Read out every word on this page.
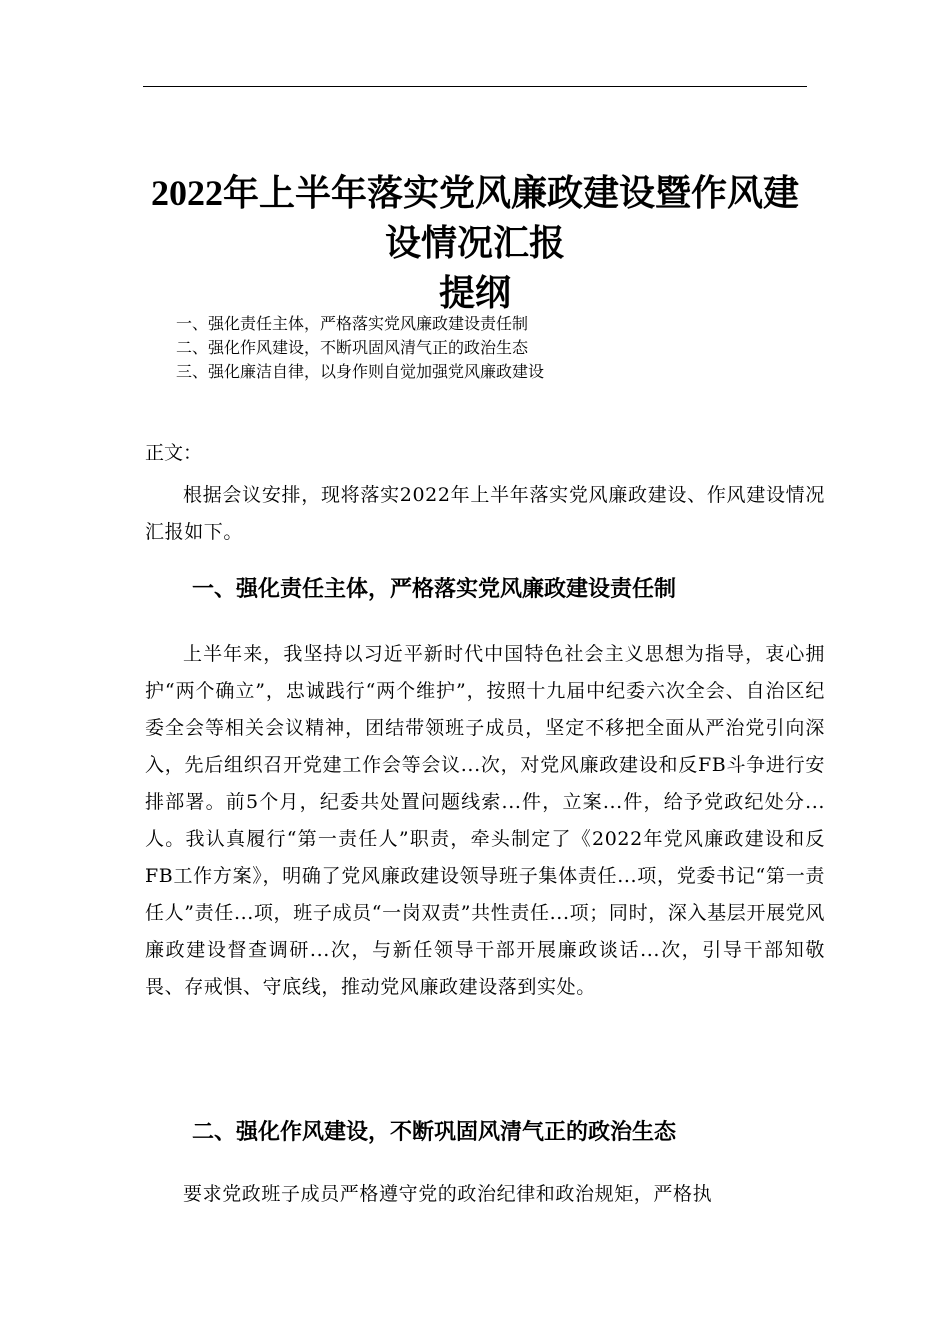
2022年上半年落实党风廉政建设暨作风建
设情况汇报
提纲
一、强化责任主体，严格落实党风廉政建设责任制
二、强化作风建设，不断巩固风清气正的政治生态
三、强化廉洁自律，以身作则自觉加强党风廉政建设
正文：
根据会议安排，现将落实2022年上半年落实党风廉政建设、作风建设情况汇报如下。
一、强化责任主体，严格落实党风廉政建设责任制
上半年来，我坚持以习近平新时代中国特色社会主义思想为指导，衷心拥护“两个确立”，忠诚践行“两个维护”，按照十九届中纪委六次全会、自治区纪委全会等相关会议精神，团结带领班子成员，坚定不移把全面从严治党引向深入，先后组织召开党建工作会等会议...次，对党风廉政建设和反FB斗争进行安排部署。前5个月，纪委共处置问题线索...件，立案...件，给予党政纪处分...人。我认真履行“第一责任人”职责，牵头制定了《2022年党风廉政建设和反FB工作方案》，明确了党风廉政建设领导班子集体责任...项，党委书记“第一责任人”责任...项，班子成员“一岗双责”共性责任...项；同时，深入基层开展党风廉政建设督查调研...次，与新任领导干部开展廉政谈话...次，引导干部知敬畏、存戒惧、守底线，推动党风廉政建设落到实处。
二、强化作风建设，不断巩固风清气正的政治生态
要求党政班子成员严格遵守党的政治纪律和政治规矩，严格执
